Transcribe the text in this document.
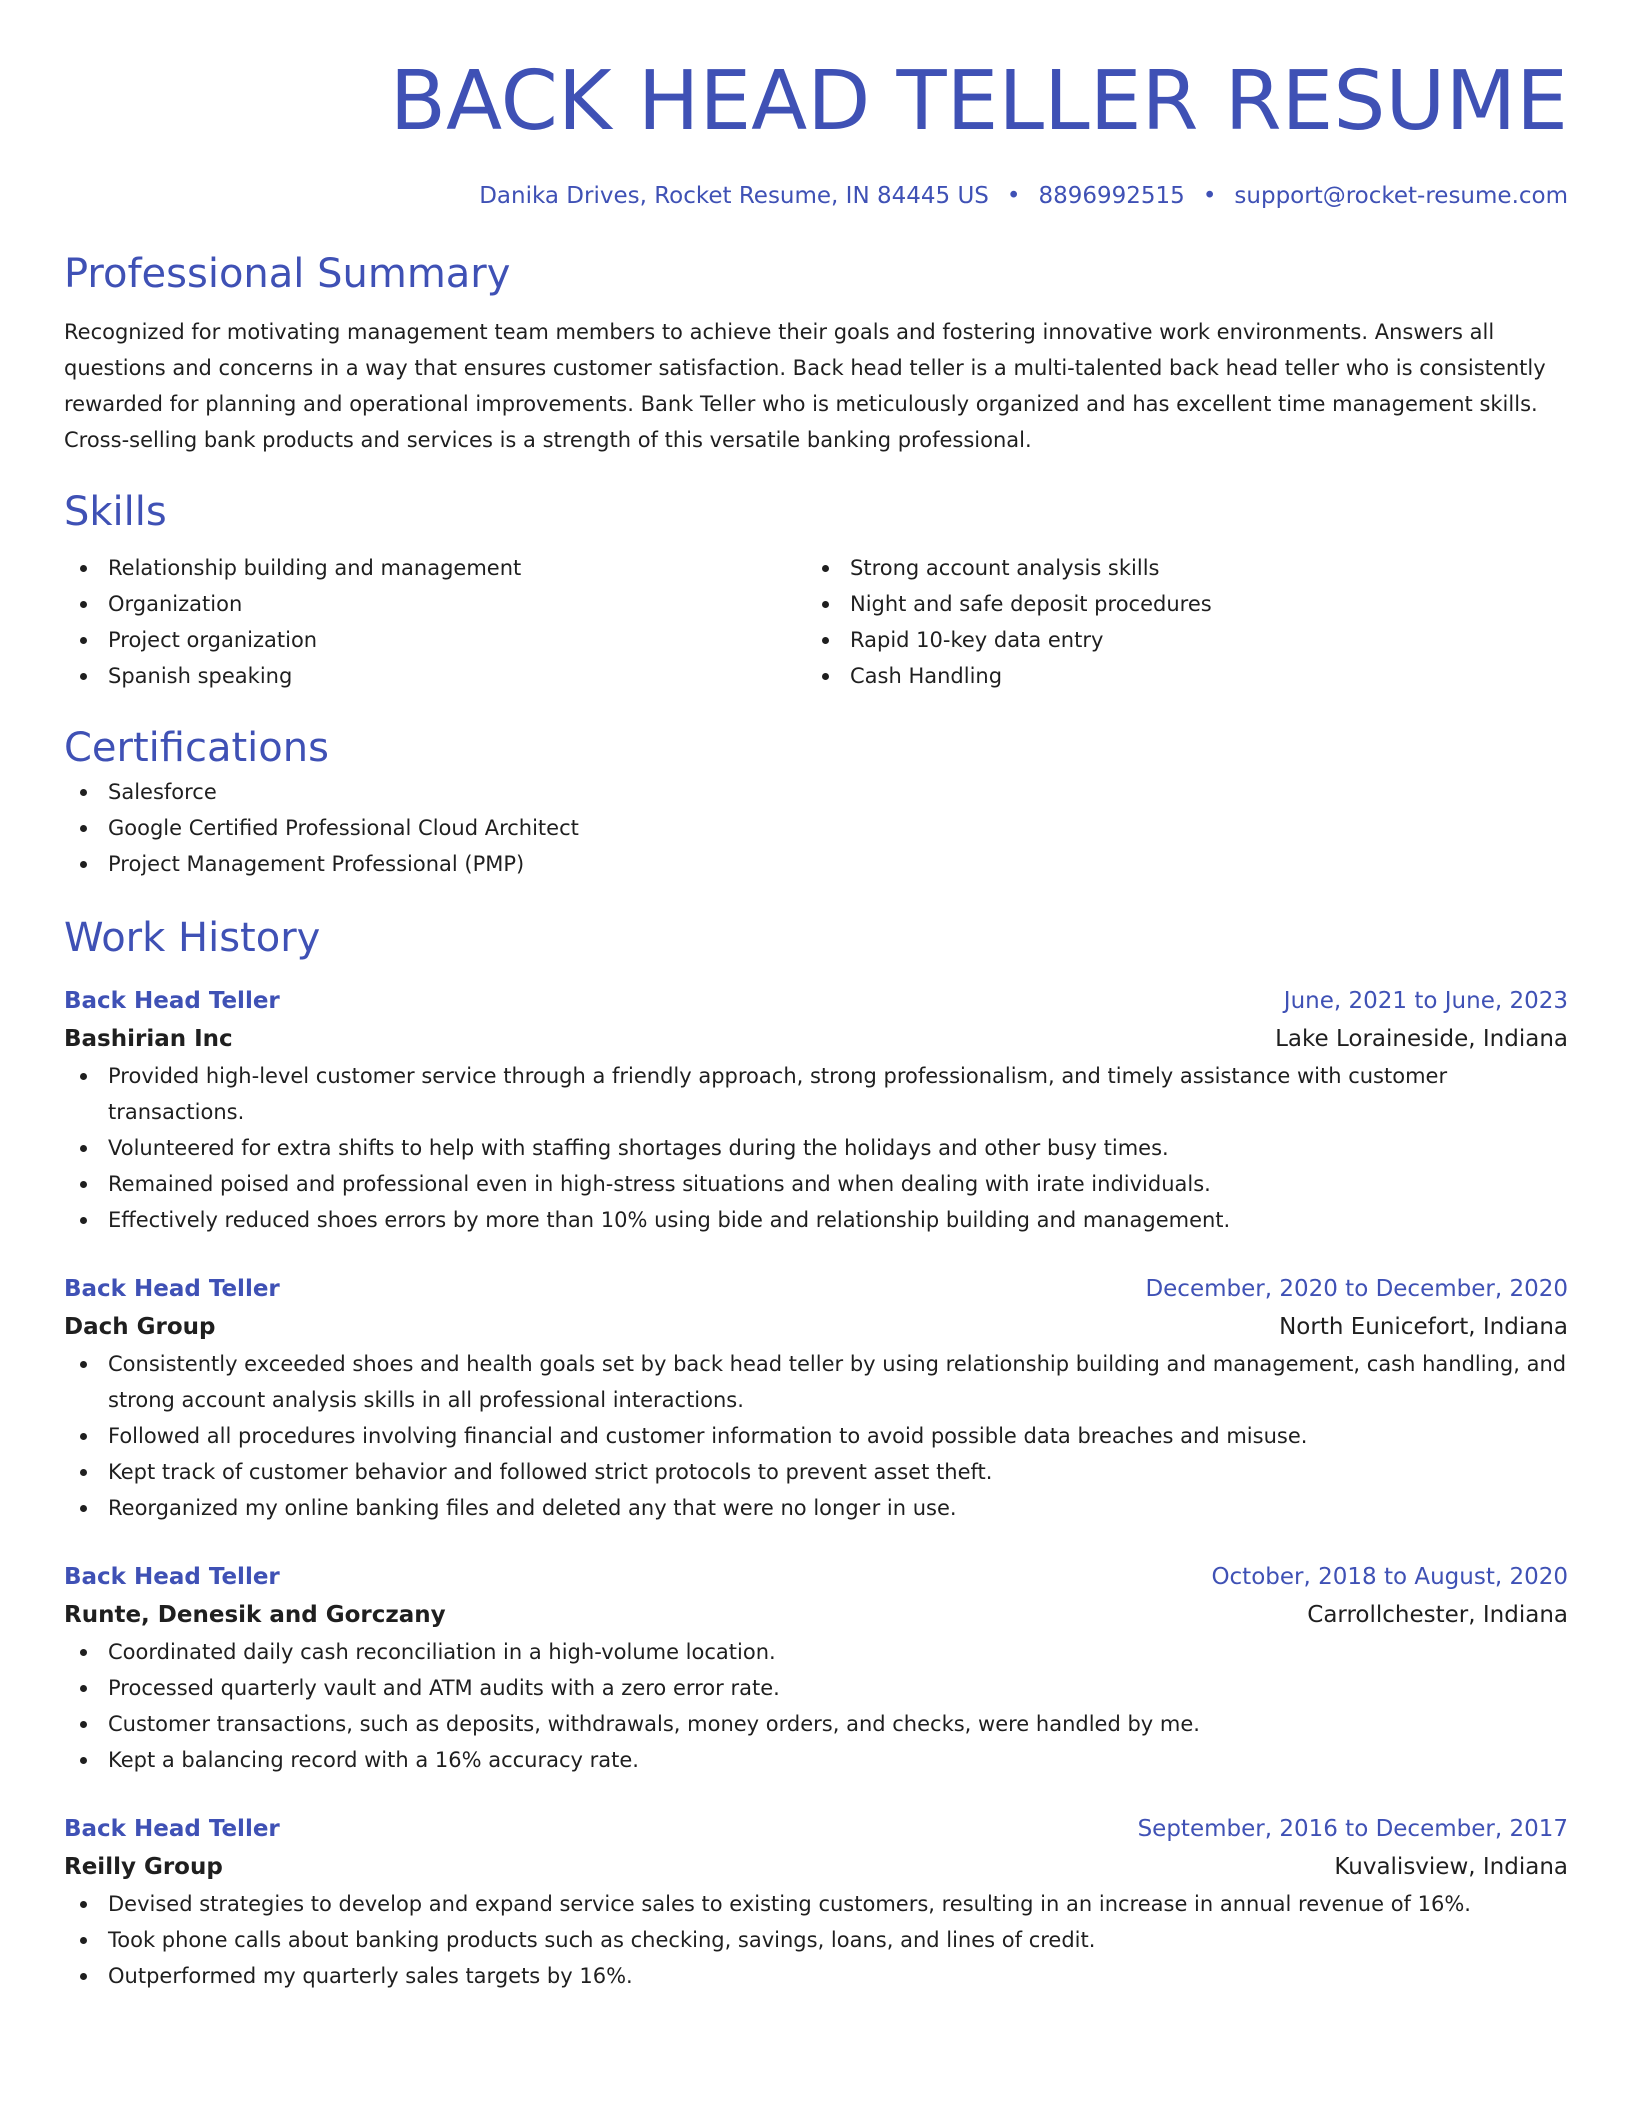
BACK HEAD TELLER RESUME
Danika Drives, Rocket Resume, IN 84445 US • 8896992515 • support@rocket-resume.com
Professional Summary

Recognized for motivating management team members to achieve their goals and fostering innovative work environments. Answers all questions and concerns in a way that ensures customer satisfaction. Back head teller is a multi-talented back head teller who is consistently rewarded for planning and operational improvements. Bank Teller who is meticulously organized and has excellent time management skills. Cross-selling bank products and services is a strength of this versatile banking professional.

Skills
Relationship building and management
Organization
Project organization
Spanish speaking
Strong account analysis skills
Night and safe deposit procedures
Rapid 10-key data entry
Cash Handling
Certifications
Salesforce
Google Certified Professional Cloud Architect
Project Management Professional (PMP)
Work History
Back Head Teller	June, 2021 to June, 2023
Bashirian Inc	Lake Loraineside, Indiana
Provided high-level customer service through a friendly approach, strong professionalism, and timely assistance with customer transactions.
Volunteered for extra shifts to help with staffing shortages during the holidays and other busy times.
Remained poised and professional even in high-stress situations and when dealing with irate individuals.
Effectively reduced shoes errors by more than 10% using bide and relationship building and management.
Back Head Teller	December, 2020 to December, 2020
Dach Group	North Eunicefort, Indiana
Consistently exceeded shoes and health goals set by back head teller by using relationship building and management, cash handling, and strong account analysis skills in all professional interactions.
Followed all procedures involving financial and customer information to avoid possible data breaches and misuse.
Kept track of customer behavior and followed strict protocols to prevent asset theft.
Reorganized my online banking files and deleted any that were no longer in use.
Back Head Teller	October, 2018 to August, 2020
Runte, Denesik and Gorczany	Carrollchester, Indiana
Coordinated daily cash reconciliation in a high-volume location.
Processed quarterly vault and ATM audits with a zero error rate.
Customer transactions, such as deposits, withdrawals, money orders, and checks, were handled by me.
Kept a balancing record with a 16% accuracy rate.
Back Head Teller	September, 2016 to December, 2017
Reilly Group	Kuvalisview, Indiana
Devised strategies to develop and expand service sales to existing customers, resulting in an increase in annual revenue of 16%.
Took phone calls about banking products such as checking, savings, loans, and lines of credit.
Outperformed my quarterly sales targets by 16%.
